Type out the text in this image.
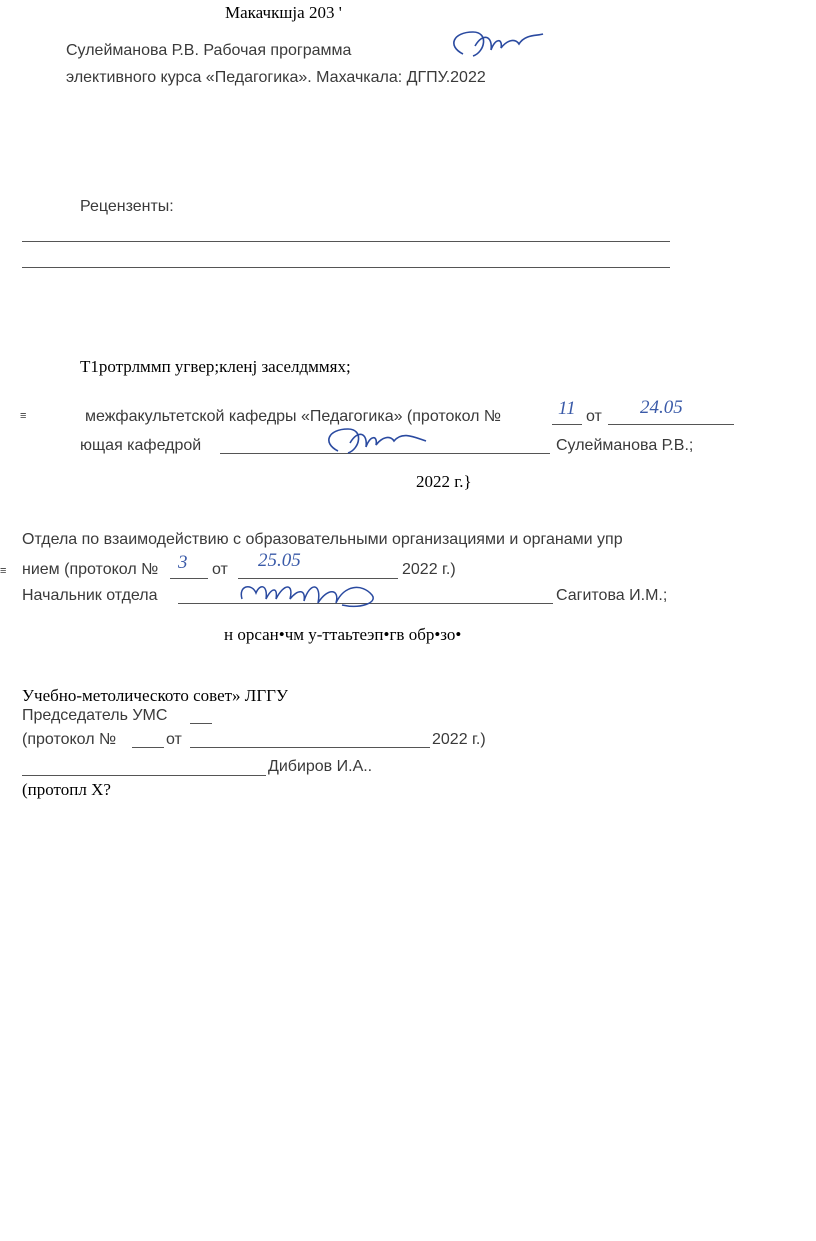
Макачкшја 203 '
Сулейманова Р.В. Рабочая программа
элективного курса «Педагогика». Махачкала: ДГПУ.2022
Рецензенты:
Т1ротрлммп угвер;кленј заселдммях;
≡	межфакультетской кафедры «Педагогика» (протокол №	11 от 24.05
ющая кафедрой	Сулейманова Р.В.;
2022 г.}
Отдела по взаимодействию с образовательными организациями и органами упр
≡ нием (протокол № 3 от 25.05	2022 г.)
Начальник отдела	Сагитова И.М.;
н орсан•чм у-ттаьтеэп•гв обр•зо•
Учебно-метолическото совет» ЛГГУ
Председатель УМС
(протокол №	от	2022 г.)
Дибиров И.А..
(протопл Х?
